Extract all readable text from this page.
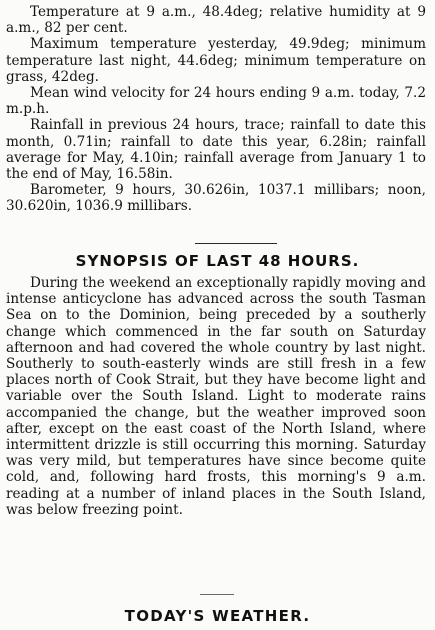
Temperature at 9 a.m., 48.4deg; relative humidity at 9 a.m., 82 per cent.

Maximum temperature yesterday, 49.9deg; minimum temperature last night, 44.6deg; minimum temperature on grass, 42deg.

Mean wind velocity for 24 hours ending 9 a.m. today, 7.2 m.p.h.

Rainfall in previous 24 hours, trace; rainfall to date this month, 0.71in; rainfall to date this year, 6.28in; rainfall average for May, 4.10in; rainfall average from January 1 to the end of May, 16.58in.

Barometer, 9 hours, 30.626in, 1037.1 millibars; noon, 30.620in, 1036.9 millibars.

SYNOPSIS OF LAST 48 HOURS.

During the weekend an exceptionally rapidly moving and intense anticyclone has advanced across the south Tasman Sea on to the Dominion, being preceded by a southerly change which commenced in the far south on Saturday afternoon and had covered the whole country by last night. Southerly to south-easterly winds are still fresh in a few places north of Cook Strait, but they have become light and variable over the South Island. Light to moderate rains accompanied the change, but the weather improved soon after, except on the east coast of the North Island, where intermittent drizzle is still occurring this morning. Saturday was very mild, but temperatures have since become quite cold, and, following hard frosts, this morning's 9 a.m. reading at a number of inland places in the South Island, was below freezing point.

TODAY'S WEATHER.
